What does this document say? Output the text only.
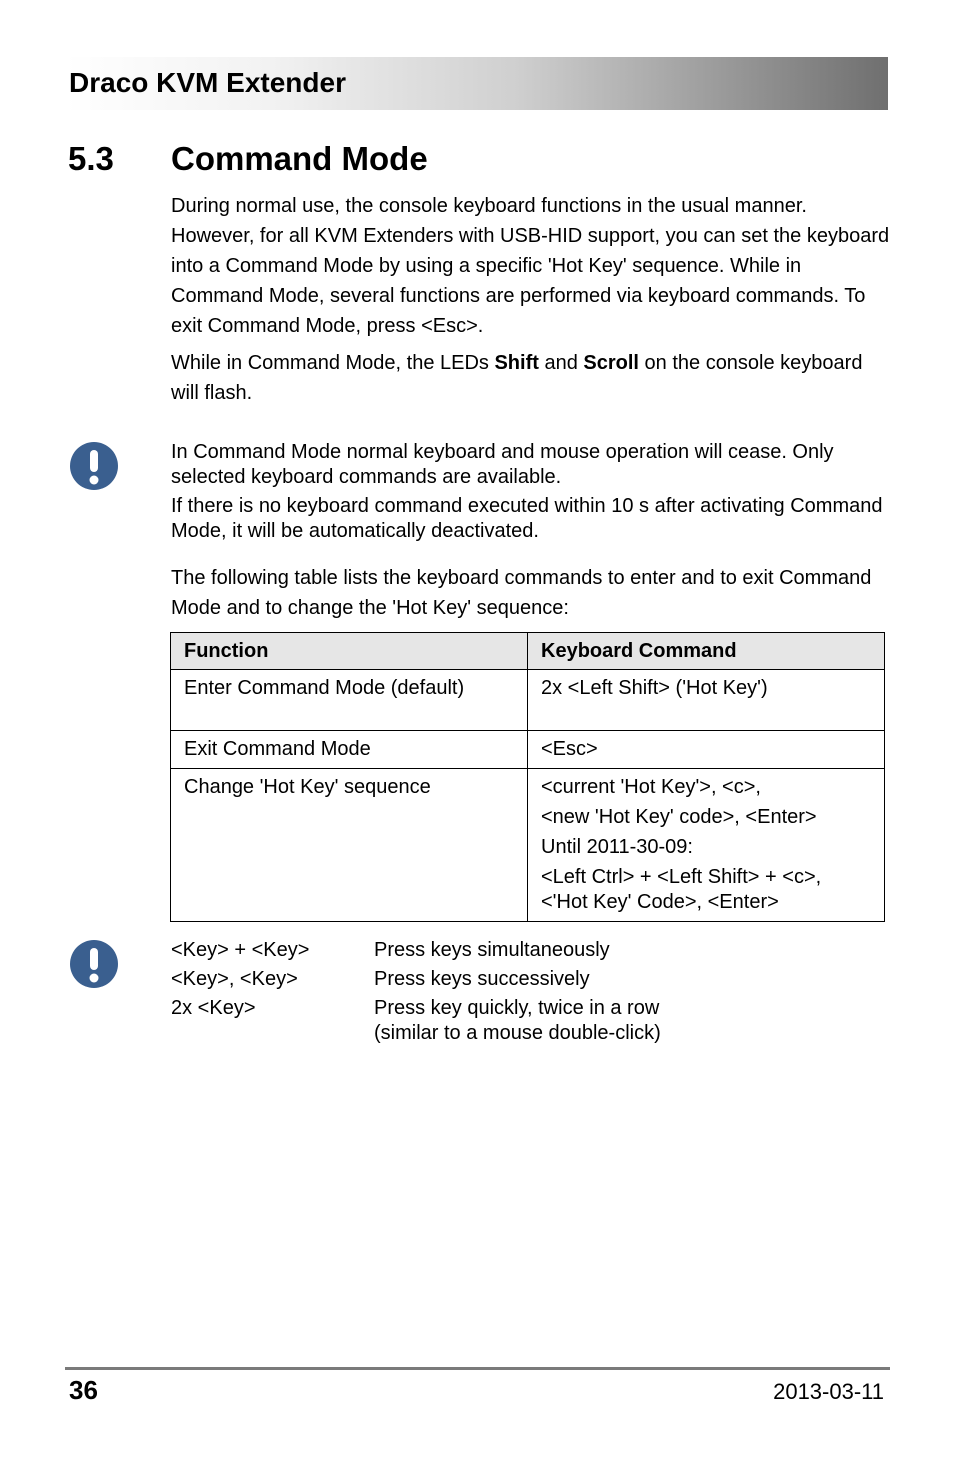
Draco KVM Extender
5.3	Command Mode
During normal use, the console keyboard functions in the usual manner. However, for all KVM Extenders with USB-HID support, you can set the keyboard into a Command Mode by using a specific 'Hot Key' sequence. While in Command Mode, several functions are performed via keyboard commands. To exit Command Mode, press <Esc>.
While in Command Mode, the LEDs Shift and Scroll on the console keyboard will flash.

In Command Mode normal keyboard and mouse operation will cease. Only selected keyboard commands are available.

If there is no keyboard command executed within 10 s after activating Command Mode, it will be automatically deactivated.

The following table lists the keyboard commands to enter and to exit Command Mode and to change the 'Hot Key' sequence:
Function	Keyboard Command
Enter Command Mode (default)	2x <Left Shift> ('Hot Key')

Exit Command Mode	<Esc>

Change 'Hot Key' sequence	<current 'Hot Key'>, <c>,
<new 'Hot Key' code>, <Enter>
Until 2011-30-09:
<Left Ctrl> + <Left Shift> + <c>, <'Hot Key' Code>, <Enter>
<Key> + <Key>	Press keys simultaneously
<Key>, <Key>	Press keys successively
2x <Key>	Press key quickly, twice in a row (similar to a mouse double-click)
36	2013-03-11
